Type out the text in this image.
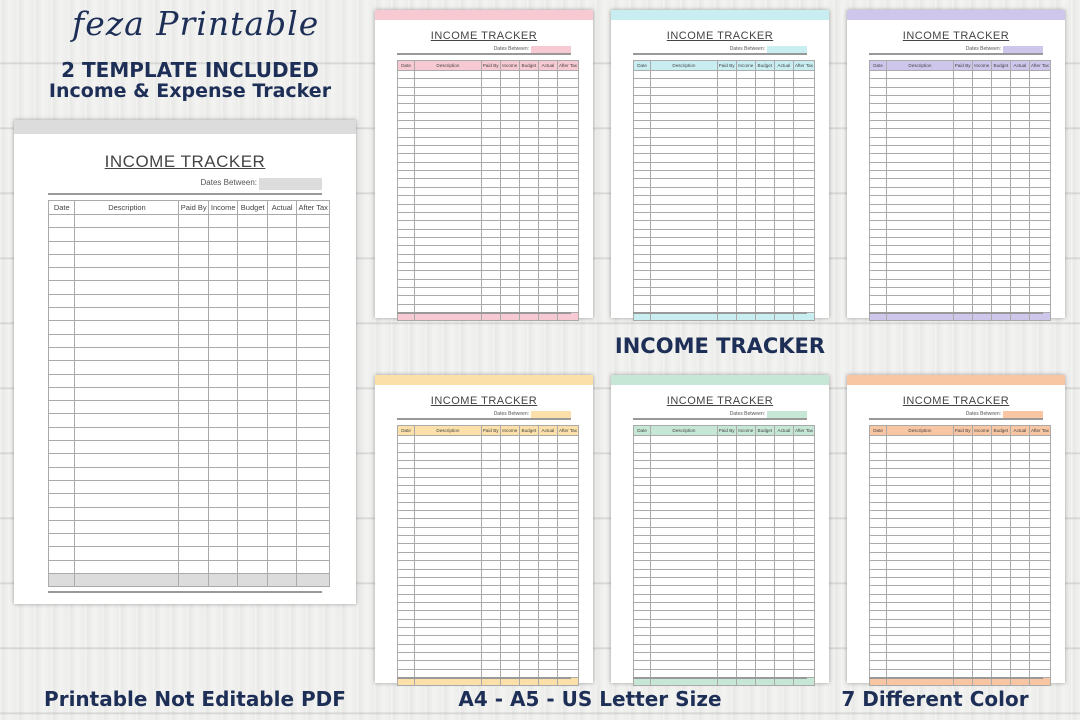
feza Printable
2 TEMPLATE INCLUDED
Income & Expense Tracker
INCOME TRACKER
Printable Not Editable PDF	A4 - A5 - US Letter Size	7 Different Color
INCOME TRACKER
Dates Between:
Date	Description	Paid By	Income	Budget	Actual	After Tax

INCOME TRACKER
Dates Between:
Date	Description	Paid By	Income	Budget	Actual	After Tax

INCOME TRACKER
Dates Between:
Date	Description	Paid By	Income	Budget	Actual	After Tax

INCOME TRACKER
Dates Between:
Date	Description	Paid By	Income	Budget	Actual	After Tax

INCOME TRACKER
Dates Between:
Date	Description	Paid By	Income	Budget	Actual	After Tax

INCOME TRACKER
Dates Between:
Date	Description	Paid By	Income	Budget	Actual	After Tax

INCOME TRACKER
Dates Between:
Date	Description	Paid By	Income	Budget	Actual	After Tax
